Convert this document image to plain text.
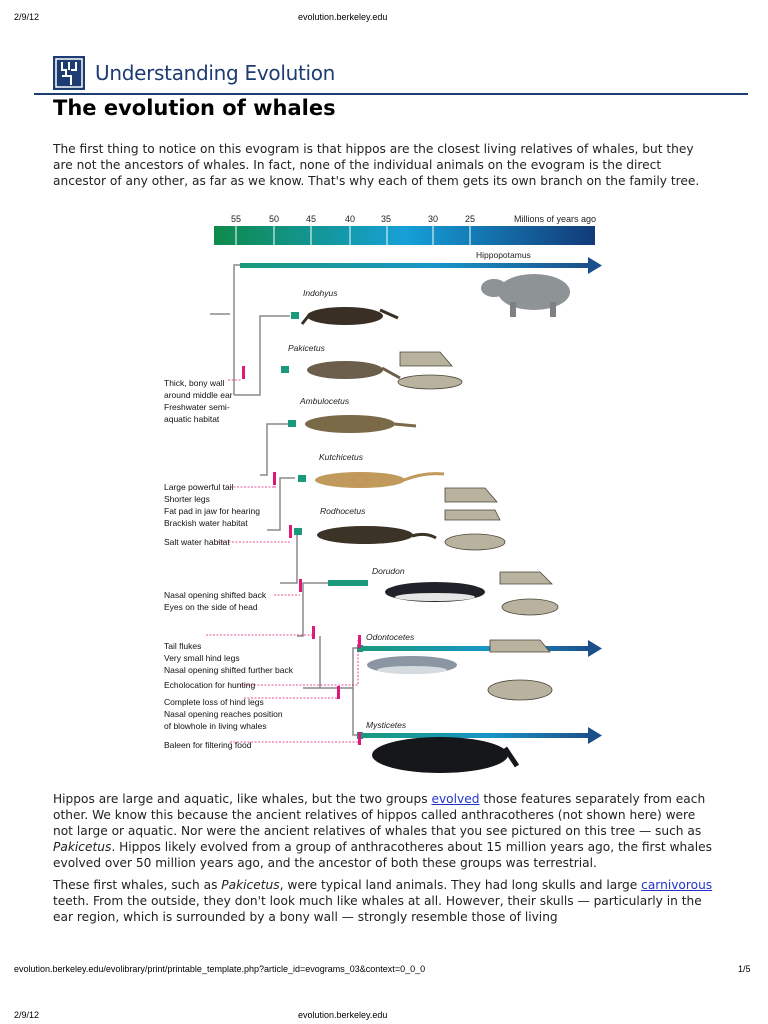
2/9/12	evolution.berkeley.edu
Understanding Evolution
The evolution of whales
The first thing to notice on this evogram is that hippos are the closest living relatives of whales, but they are not the ancestors of whales. In fact, none of the individual animals on the evogram is the direct ancestor of any other, as far as we know. That's why each of them gets its own branch on the family tree.
55	50	45	40	35	30	25	Millions of years ago
Hippopotamus
Indohyus
Pakicetus
Ambulocetus
Kutchicetus
Rodhocetus
Dorudon
Odontocetes
Mysticetes
Thick, bony wall
around middle ear
Freshwater semi-
aquatic habitat
Large powerful tail
Shorter legs
Fat pad in jaw for hearing
Brackish water habitat
Salt water habitat
Nasal opening shifted back
Eyes on the side of head
Tail flukes
Very small hind legs
Nasal opening shifted further back
Echolocation for hunting
Complete loss of hind legs
Nasal opening reaches position
of blowhole in living whales
Baleen for filtering food
Hippos are large and aquatic, like whales, but the two groups evolved those features separately from each other. We know this because the ancient relatives of hippos called anthracotheres (not shown here) were not large or aquatic. Nor were the ancient relatives of whales that you see pictured on this tree — such as Pakicetus. Hippos likely evolved from a group of anthracotheres about 15 million years ago, the first whales evolved over 50 million years ago, and the ancestor of both these groups was terrestrial.
These first whales, such as Pakicetus, were typical land animals. They had long skulls and large carnivorous teeth. From the outside, they don't look much like whales at all. However, their skulls — particularly in the ear region, which is surrounded by a bony wall — strongly resemble those of living
evolution.berkeley.edu/evolibrary/print/printable_template.php?article_id=evograms_03&context=0_0_0	1/5
2/9/12	evolution.berkeley.edu
